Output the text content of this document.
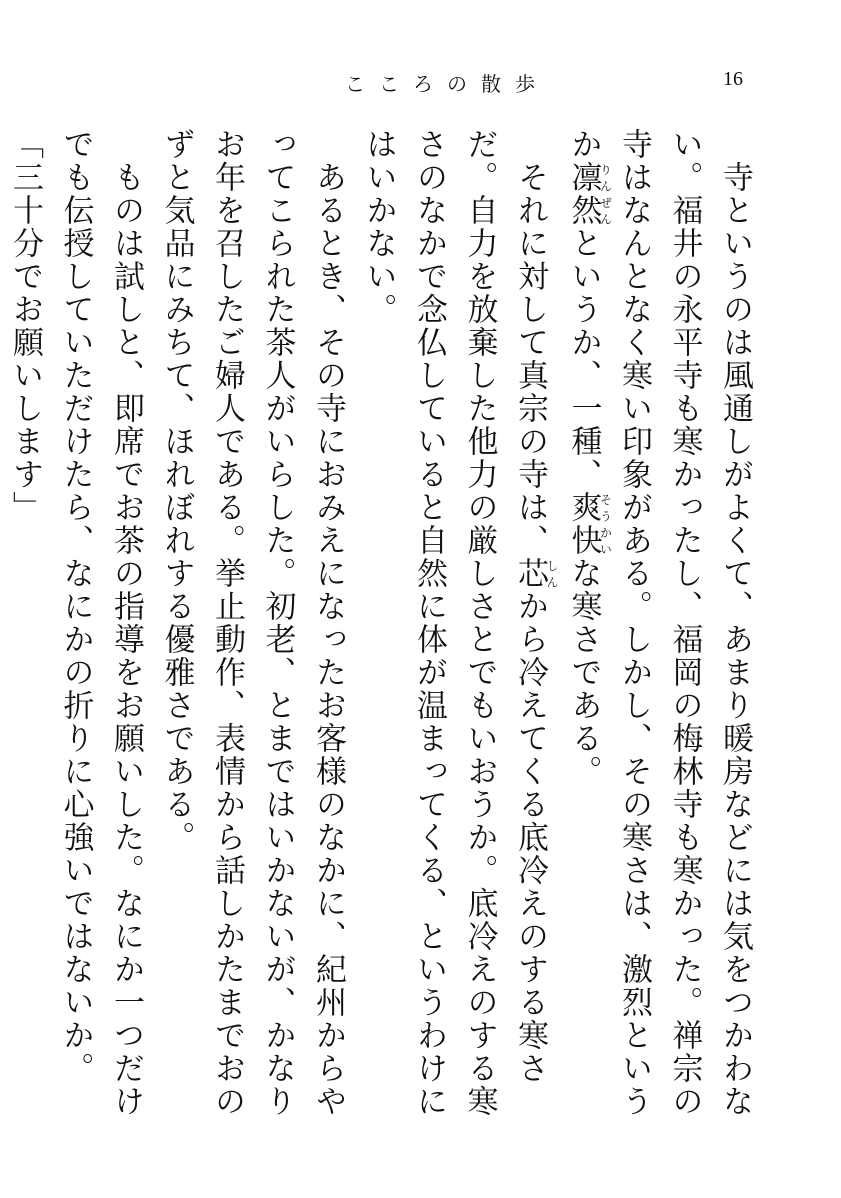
こころの散歩	16

　寺というのは風通しがよくて、あまり暖房などには気をつかわない。福井の永平寺も寒かったし、福岡の梅林寺も寒かった。禅宗の寺はなんとなく寒い印象がある。しかし、その寒さは、激烈というか凛然りんぜんというか、一種、爽快そうかいな寒さである。

　それに対して真宗の寺は、芯しんから冷えてくる底冷えのする寒さだ。自力を放棄した他力の厳しさとでもいおうか。底冷えのする寒さのなかで念仏していると自然に体が温まってくる、というわけにはいかない。

　あるとき、その寺におみえになったお客様のなかに、紀州からやってこられた茶人がいらした。初老、とまではいかないが、かなりお年を召したご婦人である。挙止動作、表情から話しかたまでおのずと気品にみちて、ほれぼれする優雅さである。

　ものは試しと、即席でお茶の指導をお願いした。なにか一つだけでも伝授していただけたら、なにかの折りに心強いではないか。

「三十分でお願いします」
